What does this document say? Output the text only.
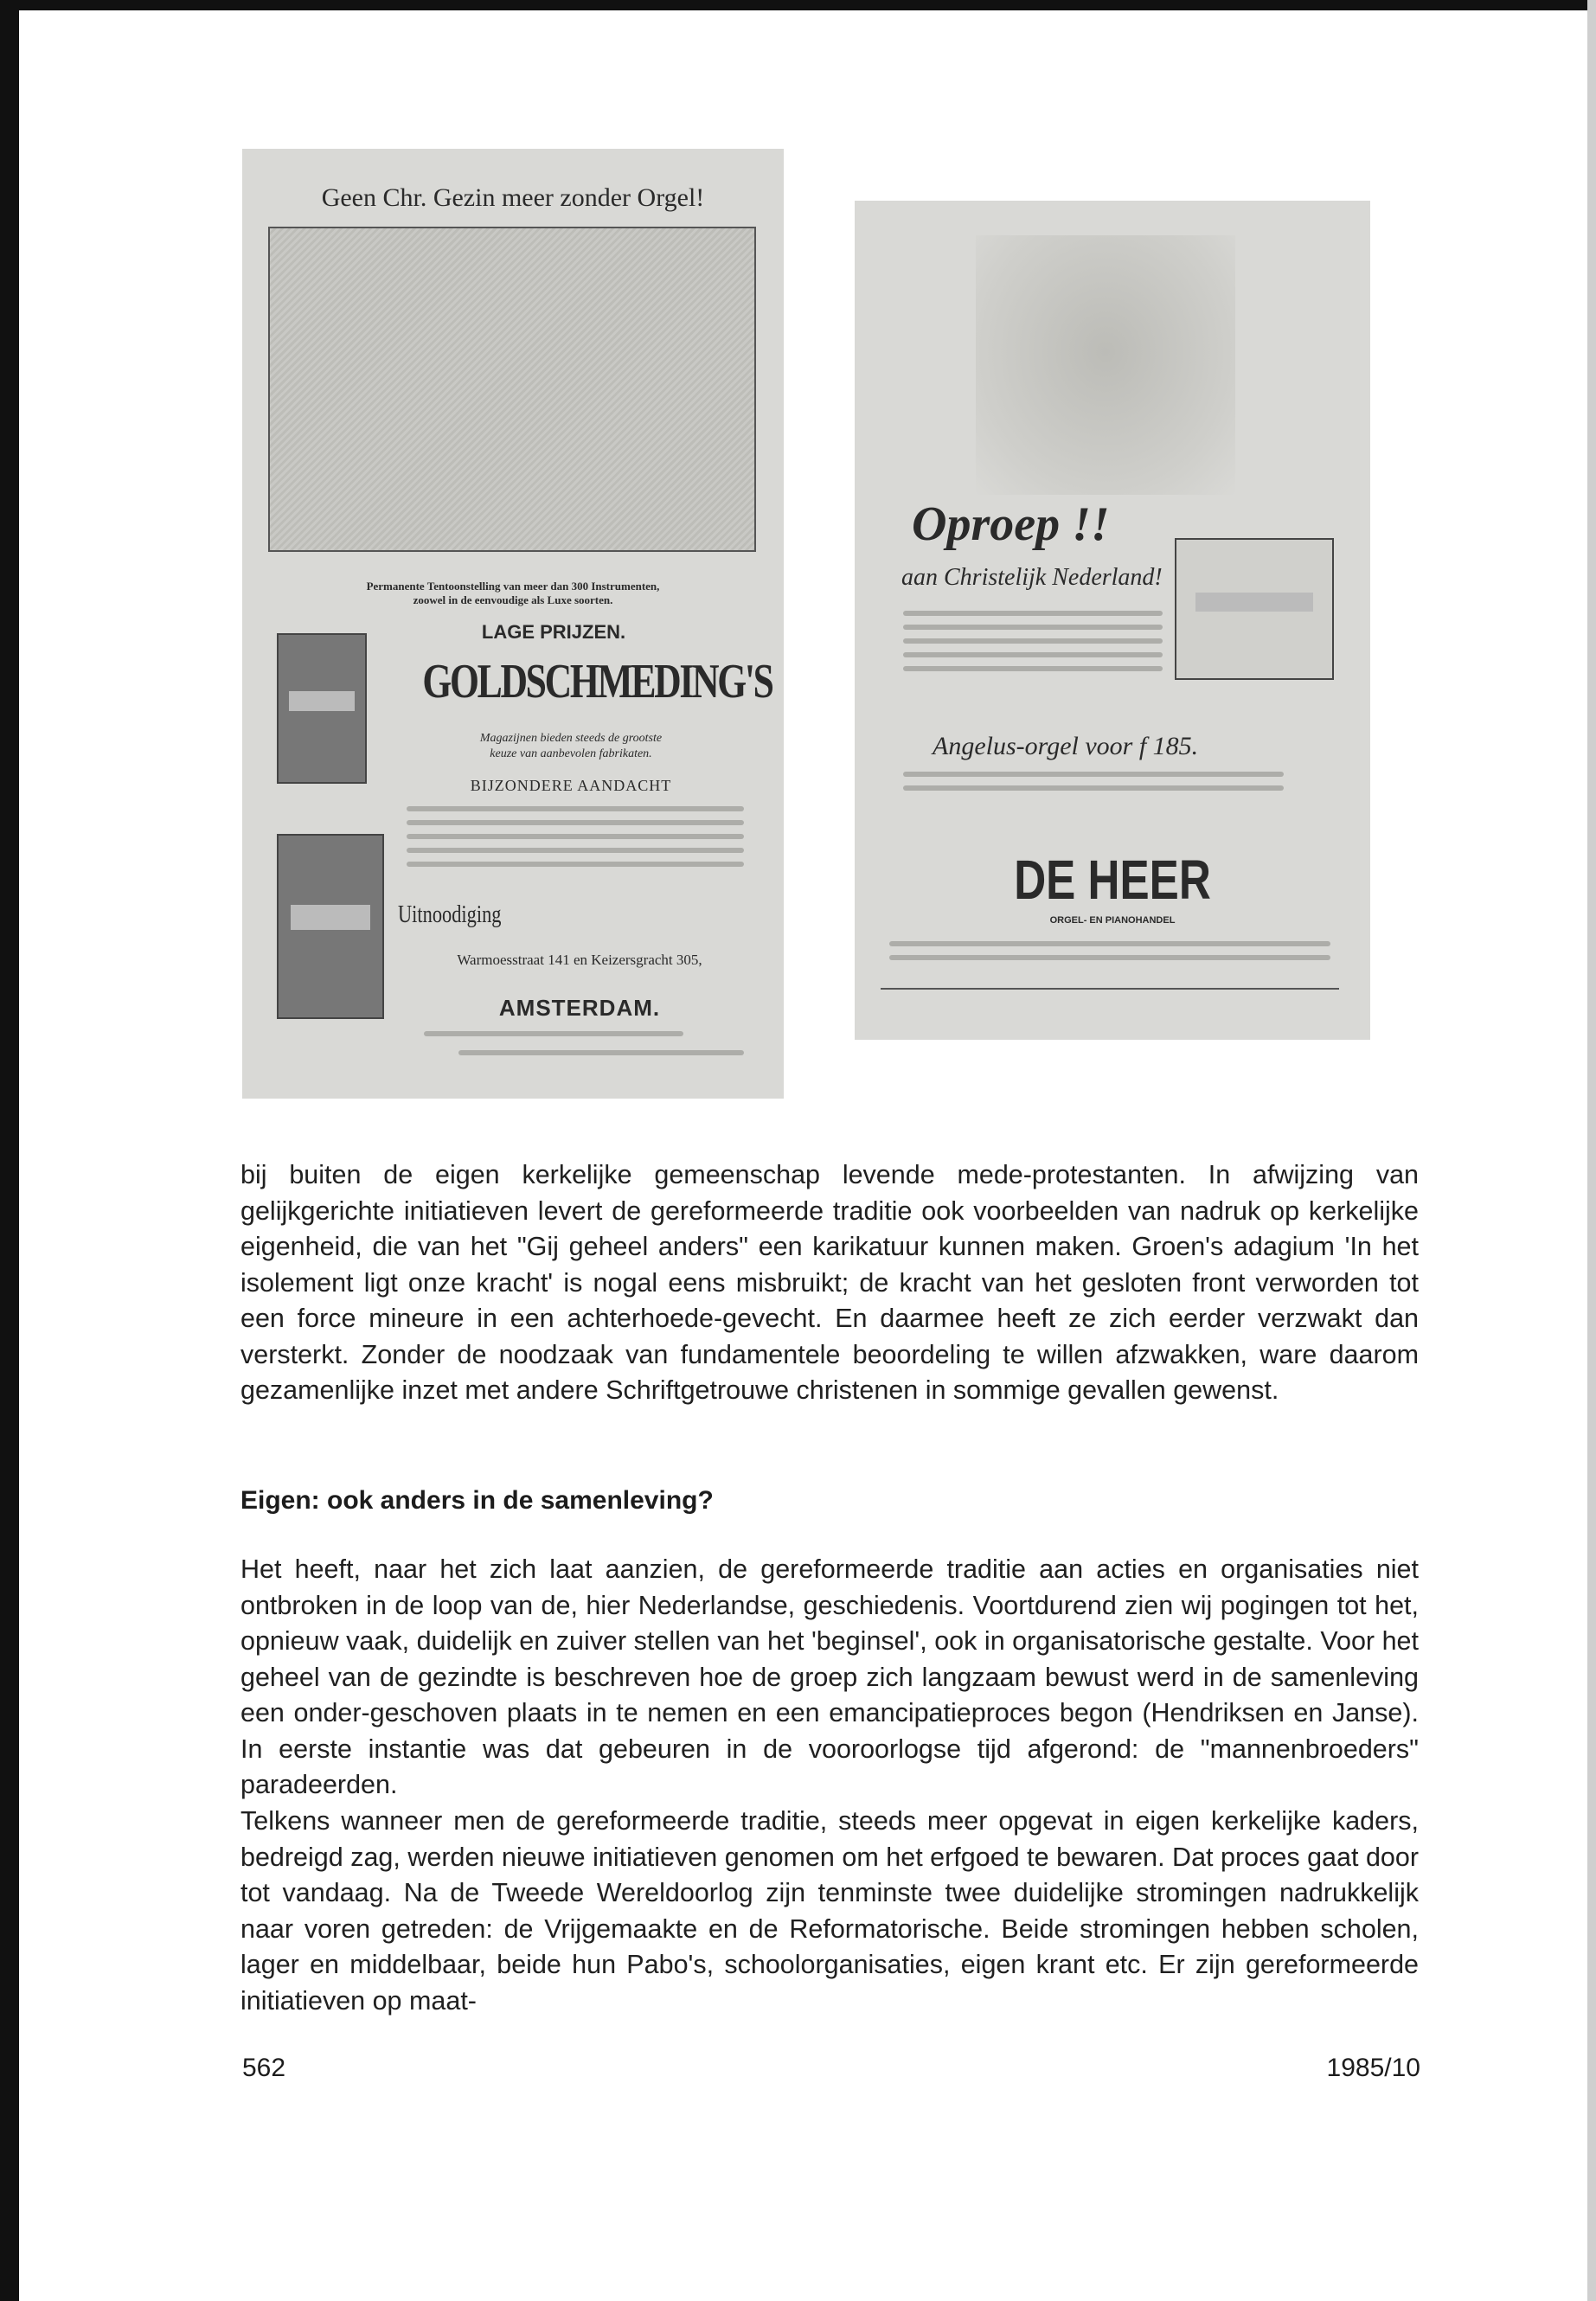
Geen Chr. Gezin meer zonder Orgel!
Permanente Tentoonstelling van meer dan 300 Instrumenten,
zoowel in de eenvoudige als Luxe soorten.
LAGE PRIJZEN.
GOLDSCHMEDING'S
Magazijnen bieden steeds de grootste
keuze van aanbevolen fabrikaten.
BIJZONDERE AANDACHT
Uitnoodiging
Warmoesstraat 141 en Keizersgracht 305,
AMSTERDAM.
Oproep !!
aan Christelijk Nederland!
Angelus-orgel voor f 185.
DE HEER
ORGEL- EN PIANOHANDEL

bij buiten de eigen kerkelijke gemeenschap levende mede-protestanten. In afwijzing van gelijkgerichte initiatieven levert de gereformeerde traditie ook voorbeelden van nadruk op kerkelijke eigenheid, die van het "Gij geheel anders" een karikatuur kunnen maken. Groen's adagium 'In het isolement ligt onze kracht' is nogal eens misbruikt; de kracht van het gesloten front verworden tot een force mineure in een achterhoede-gevecht. En daarmee heeft ze zich eerder verzwakt dan versterkt. Zonder de noodzaak van fundamentele beoordeling te willen afzwakken, ware daarom gezamenlijke inzet met andere Schriftgetrouwe christenen in sommige gevallen gewenst.

Eigen: ook anders in de samenleving?

Het heeft, naar het zich laat aanzien, de gereformeerde traditie aan acties en organisaties niet ontbroken in de loop van de, hier Nederlandse, geschiedenis. Voortdurend zien wij pogingen tot het, opnieuw vaak, duidelijk en zuiver stellen van het 'beginsel', ook in organisatorische gestalte. Voor het geheel van de gezindte is beschreven hoe de groep zich langzaam bewust werd in de samenleving een onder-geschoven plaats in te nemen en een emancipatieproces begon (Hendriksen en Janse). In eerste instantie was dat gebeuren in de vooroorlogse tijd afgerond: de "mannenbroeders" paradeerden.

Telkens wanneer men de gereformeerde traditie, steeds meer opgevat in eigen kerkelijke kaders, bedreigd zag, werden nieuwe initiatieven genomen om het erfgoed te bewaren. Dat proces gaat door tot vandaag. Na de Tweede Wereldoorlog zijn tenminste twee duidelijke stromingen nadrukkelijk naar voren getreden: de Vrijgemaakte en de Reformatorische. Beide stromingen hebben scholen, lager en middelbaar, beide hun Pabo's, schoolorganisaties, eigen krant etc. Er zijn gereformeerde initiatieven op maat-

562	1985/10
